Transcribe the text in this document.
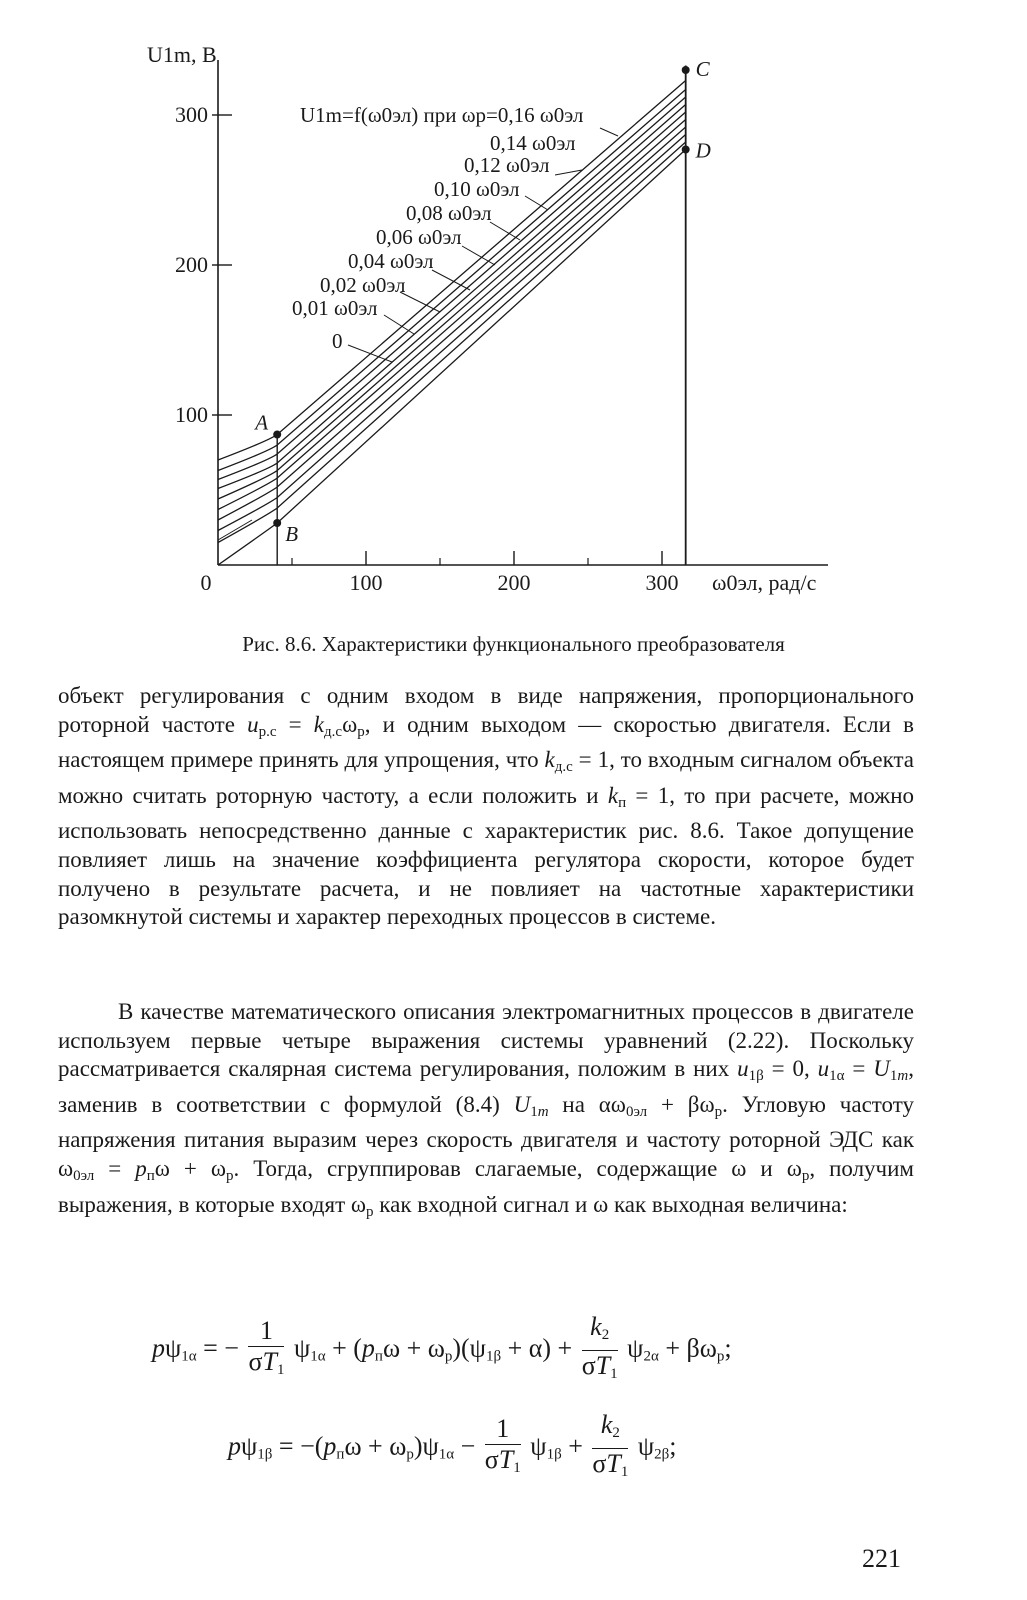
0	100	200	300
100
200
300
A
B
C
D
U1m, В
ω0эл, рад/с
U1m=f(ω0эл) при ωp=0,16 ω0эл
0,14 ω0эл
0,12 ω0эл
0,10 ω0эл
0,08 ω0эл
0,06 ω0эл
0,04 ω0эл
0,02 ω0эл
0,01 ω0эл
0
Рис. 8.6. Характеристики функционального преобразователя
объект регулирования с одним входом в виде напряжения, пропорционального роторной частоте $u_{р.с} = k_{д.с}\omega_р$, и одним выходом — скоростью двигателя. Если в настоящем примере принять для упрощения, что $k_{д.с} = 1$, то входным сигналом объекта можно считать роторную частоту, а если положить и $k_п = 1$, то при расчете, можно использовать непосредственно данные с характеристик рис. 8.6. Такое допущение повлияет лишь на значение коэффициента регулятора скорости, которое будет получено в результате расчета, и не повлияет на частотные характеристики разомкнутой системы и характер переходных процессов в системе.
В качестве математического описания электромагнитных процессов в двигателе используем первые четыре выражения системы уравнений (2.22). Поскольку рассматривается скалярная система регулирования, положим в них $u_{1\beta} = 0$, $u_{1\alpha} = U_{1m}$, заменив в соответствии с формулой (8.4) $U_{1m}$ на $\alpha\omega_{0эл} + \beta\omega_р$. Угловую частоту напряжения питания выразим через скорость двигателя и частоту роторной ЭДС как $\omega_{0эл} = p_п\omega + \omega_р$. Тогда, сгруппировав слагаемые, содержащие ω и $\omega_р$, получим выражения, в которые входят $\omega_р$ как входной сигнал и ω как выходная величина:
$p\psi_{1\alpha}$ = − $\frac{1}{\sigma T_1} \psi_{1\alpha} + (p_п\omega + \omega_р)(\psi_{1\beta} + \alpha) + \frac{k_2}{\sigma T_1} \psi_{2\alpha} + \beta\omega_р$;
$p\psi_{1\beta} = -(p_п\omega + \omega_р)\psi_{1\alpha} - \frac{1}{\sigma T_1} \psi_{1\beta} + \frac{k_2}{\sigma T_1} \psi_{2\beta}$;
221
